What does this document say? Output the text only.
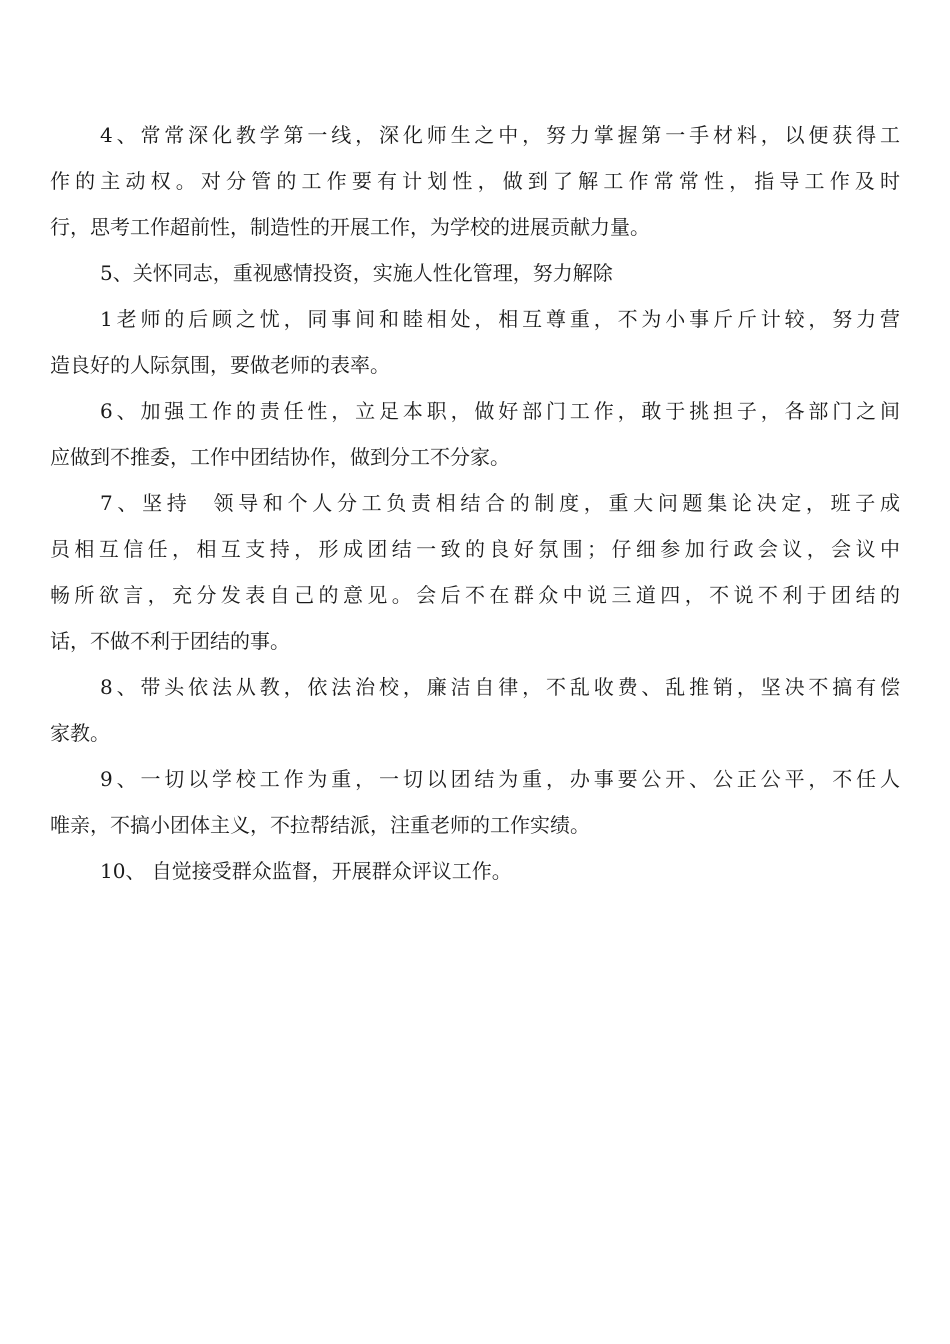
4、常常深化教学第一线，深化师生之中，努力掌握第一手材料，以便获得工
作的主动权。对分管的工作要有计划性，做到了解工作常常性，指导工作及时
行，思考工作超前性，制造性的开展工作，为学校的进展贡献力量。
5、关怀同志，重视感情投资，实施人性化管理，努力解除
1老师的后顾之忧，同事间和睦相处，相互尊重，不为小事斤斤计较，努力营
造良好的人际氛围，要做老师的表率。
6、加强工作的责任性，立足本职，做好部门工作，敢于挑担子，各部门之间
应做到不推委，工作中团结协作，做到分工不分家。
7、坚持  领导和个人分工负责相结合的制度，重大问题集论决定，班子成
员相互信任，相互支持，形成团结一致的良好氛围；仔细参加行政会议，会议中
畅所欲言，充分发表自己的意见。会后不在群众中说三道四，不说不利于团结的
话，不做不利于团结的事。
8、带头依法从教，依法治校，廉洁自律，不乱收费、乱推销，坚决不搞有偿
家教。
9、一切以学校工作为重，一切以团结为重，办事要公开、公正公平，不任人
唯亲，不搞小团体主义，不拉帮结派，注重老师的工作实绩。
10、 自觉接受群众监督，开展群众评议工作。
